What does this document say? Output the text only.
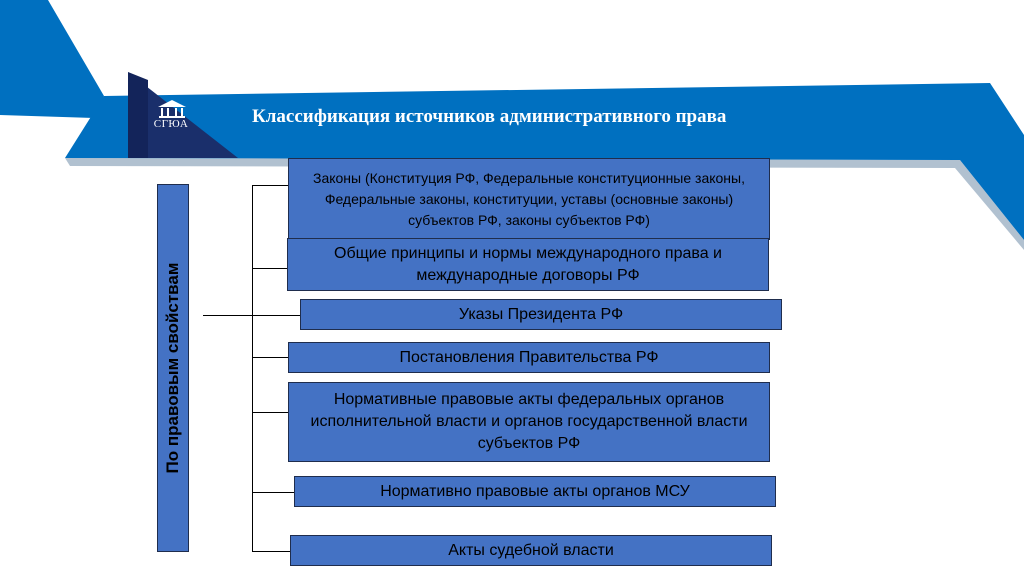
СГЮА	Классификация источников административного права
По правовым свойствам
Законы (Конституция РФ, Федеральные конституционные законы, Федеральные законы, конституции, уставы (основные законы) субъектов РФ, законы субъектов РФ)
Общие принципы и нормы международного права и международные договоры РФ
Указы Президента РФ
Постановления Правительства РФ
Нормативные правовые акты федеральных органов исполнительной власти и органов государственной власти субъектов РФ
Нормативно правовые акты органов МСУ
Акты судебной власти
